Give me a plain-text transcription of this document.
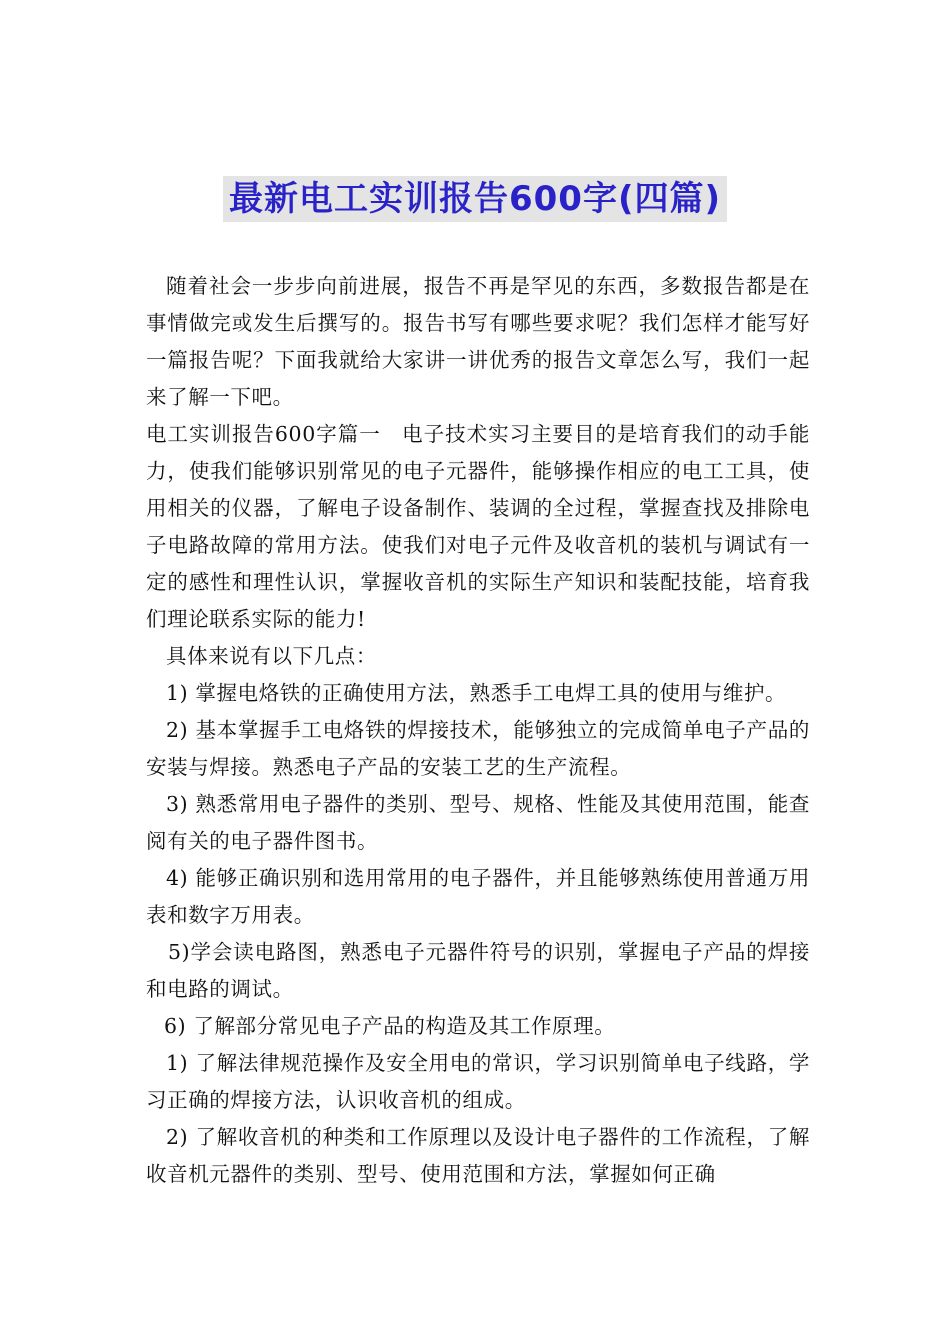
最新电工实训报告600字(四篇)

随着社会一步步向前进展，报告不再是罕见的东西，多数报告都是在事情做完或发生后撰写的。报告书写有哪些要求呢？我们怎样才能写好一篇报告呢？下面我就给大家讲一讲优秀的报告文章怎么写，我们一起来了解一下吧。

电工实训报告600字篇一　电子技术实习主要目的是培育我们的动手能力，使我们能够识别常见的电子元器件，能够操作相应的电工工具，使用相关的仪器，了解电子设备制作、装调的全过程，掌握查找及排除电子电路故障的常用方法。使我们对电子元件及收音机的装机与调试有一定的感性和理性认识，掌握收音机的实际生产知识和装配技能，培育我们理论联系实际的能力!

具体来说有以下几点：

1) 掌握电烙铁的正确使用方法，熟悉手工电焊工具的使用与维护。

2) 基本掌握手工电烙铁的焊接技术，能够独立的完成简单电子产品的安装与焊接。熟悉电子产品的安装工艺的生产流程。

3) 熟悉常用电子器件的类别、型号、规格、性能及其使用范围，能查阅有关的电子器件图书。

4) 能够正确识别和选用常用的电子器件，并且能够熟练使用普通万用表和数字万用表。

5)学会读电路图，熟悉电子元器件符号的识别，掌握电子产品的焊接和电路的调试。

6) 了解部分常见电子产品的构造及其工作原理。

1) 了解法律规范操作及安全用电的常识，学习识别简单电子线路，学习正确的焊接方法，认识收音机的组成。

2) 了解收音机的种类和工作原理以及设计电子器件的工作流程，了解收音机元器件的类别、型号、使用范围和方法，掌握如何正确
